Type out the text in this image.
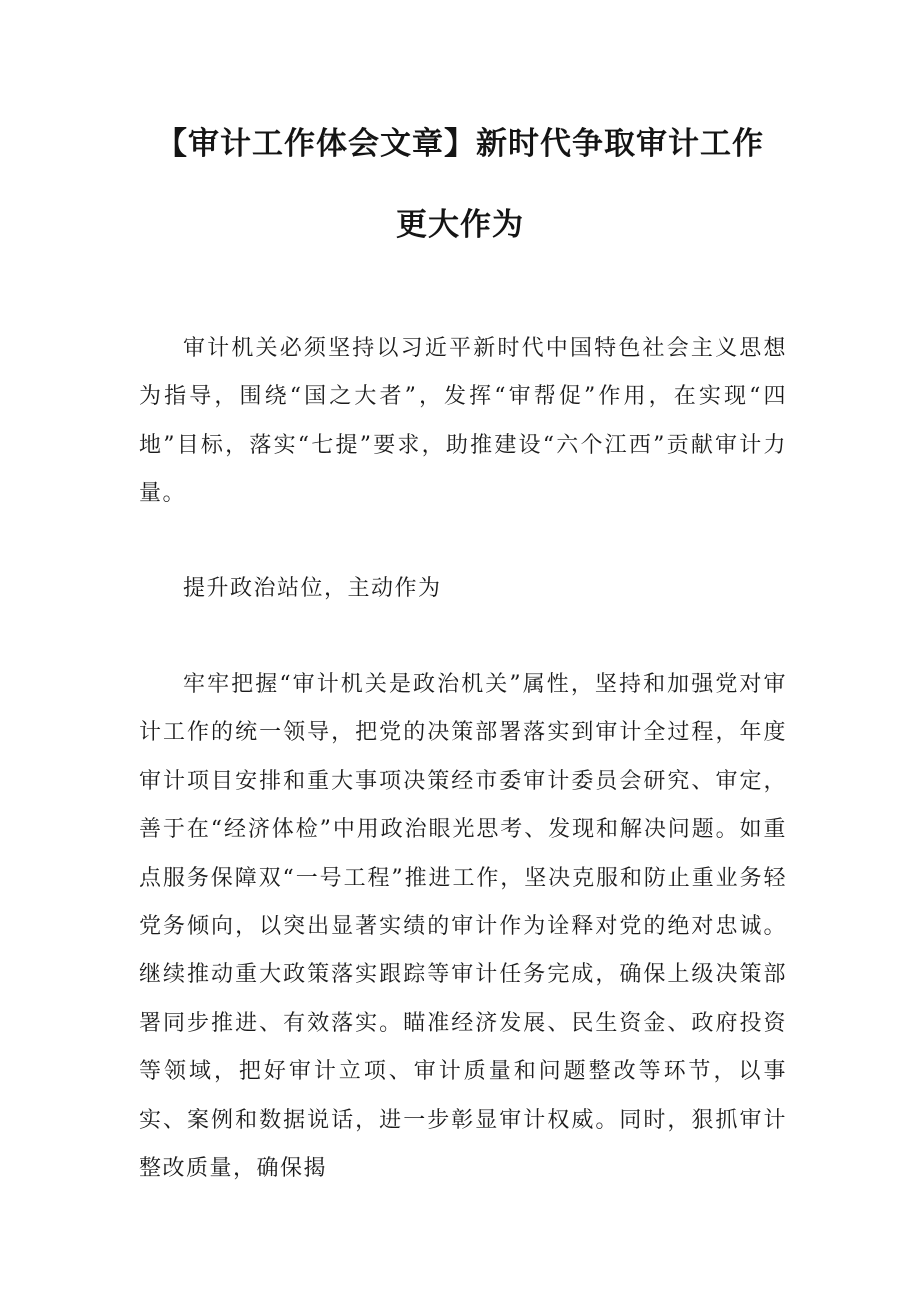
【审计工作体会文章】新时代争取审计工作
更大作为

审计机关必须坚持以习近平新时代中国特色社会主义思想为指导，围绕“国之大者”，发挥“审帮促”作用，在实现“四地”目标，落实“七提”要求，助推建设“六个江西”贡献审计力量。

提升政治站位，主动作为

牢牢把握“审计机关是政治机关”属性，坚持和加强党对审计工作的统一领导，把党的决策部署落实到审计全过程，年度审计项目安排和重大事项决策经市委审计委员会研究、审定，善于在“经济体检”中用政治眼光思考、发现和解决问题。如重点服务保障双“一号工程”推进工作，坚决克服和防止重业务轻党务倾向，以突出显著实绩的审计作为诠释对党的绝对忠诚。继续推动重大政策落实跟踪等审计任务完成，确保上级决策部署同步推进、有效落实。瞄准经济发展、民生资金、政府投资等领域，把好审计立项、审计质量和问题整改等环节，以事实、案例和数据说话，进一步彰显审计权威。同时，狠抓审计整改质量，确保揭
